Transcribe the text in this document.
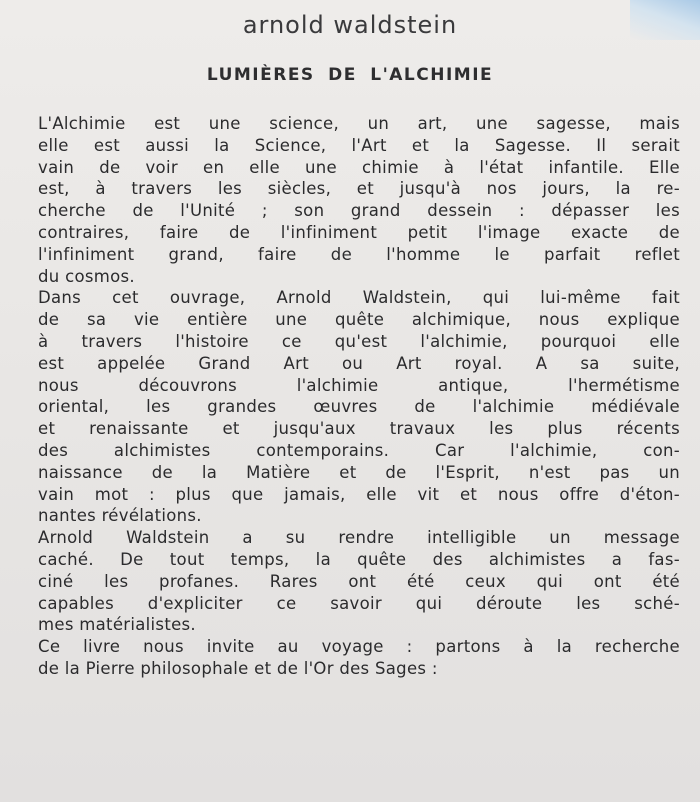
arnold waldstein
LUMIÈRES DE L'ALCHIMIE

L'Alchimie est une science, un art, une sagesse, mais
elle est aussi la Science, l'Art et la Sagesse. Il serait
vain de voir en elle une chimie à l'état infantile. Elle
est, à travers les siècles, et jusqu'à nos jours, la re-
cherche de l'Unité ; son grand dessein : dépasser les
contraires, faire de l'infiniment petit l'image exacte de
l'infiniment grand, faire de l'homme le parfait reflet
du cosmos.

Dans cet ouvrage, Arnold Waldstein, qui lui-même fait
de sa vie entière une quête alchimique, nous explique
à travers l'histoire ce qu'est l'alchimie, pourquoi elle
est appelée Grand Art ou Art royal. A sa suite,
nous découvrons l'alchimie antique, l'hermétisme
oriental, les grandes œuvres de l'alchimie médiévale
et renaissante et jusqu'aux travaux les plus récents
des alchimistes contemporains. Car l'alchimie, con-
naissance de la Matière et de l'Esprit, n'est pas un
vain mot : plus que jamais, elle vit et nous offre d'éton-
nantes révélations.

Arnold Waldstein a su rendre intelligible un message
caché. De tout temps, la quête des alchimistes a fas-
ciné les profanes. Rares ont été ceux qui ont été
capables d'expliciter ce savoir qui déroute les sché-
mes matérialistes.

Ce livre nous invite au voyage : partons à la recherche
de la Pierre philosophale et de l'Or des Sages :
